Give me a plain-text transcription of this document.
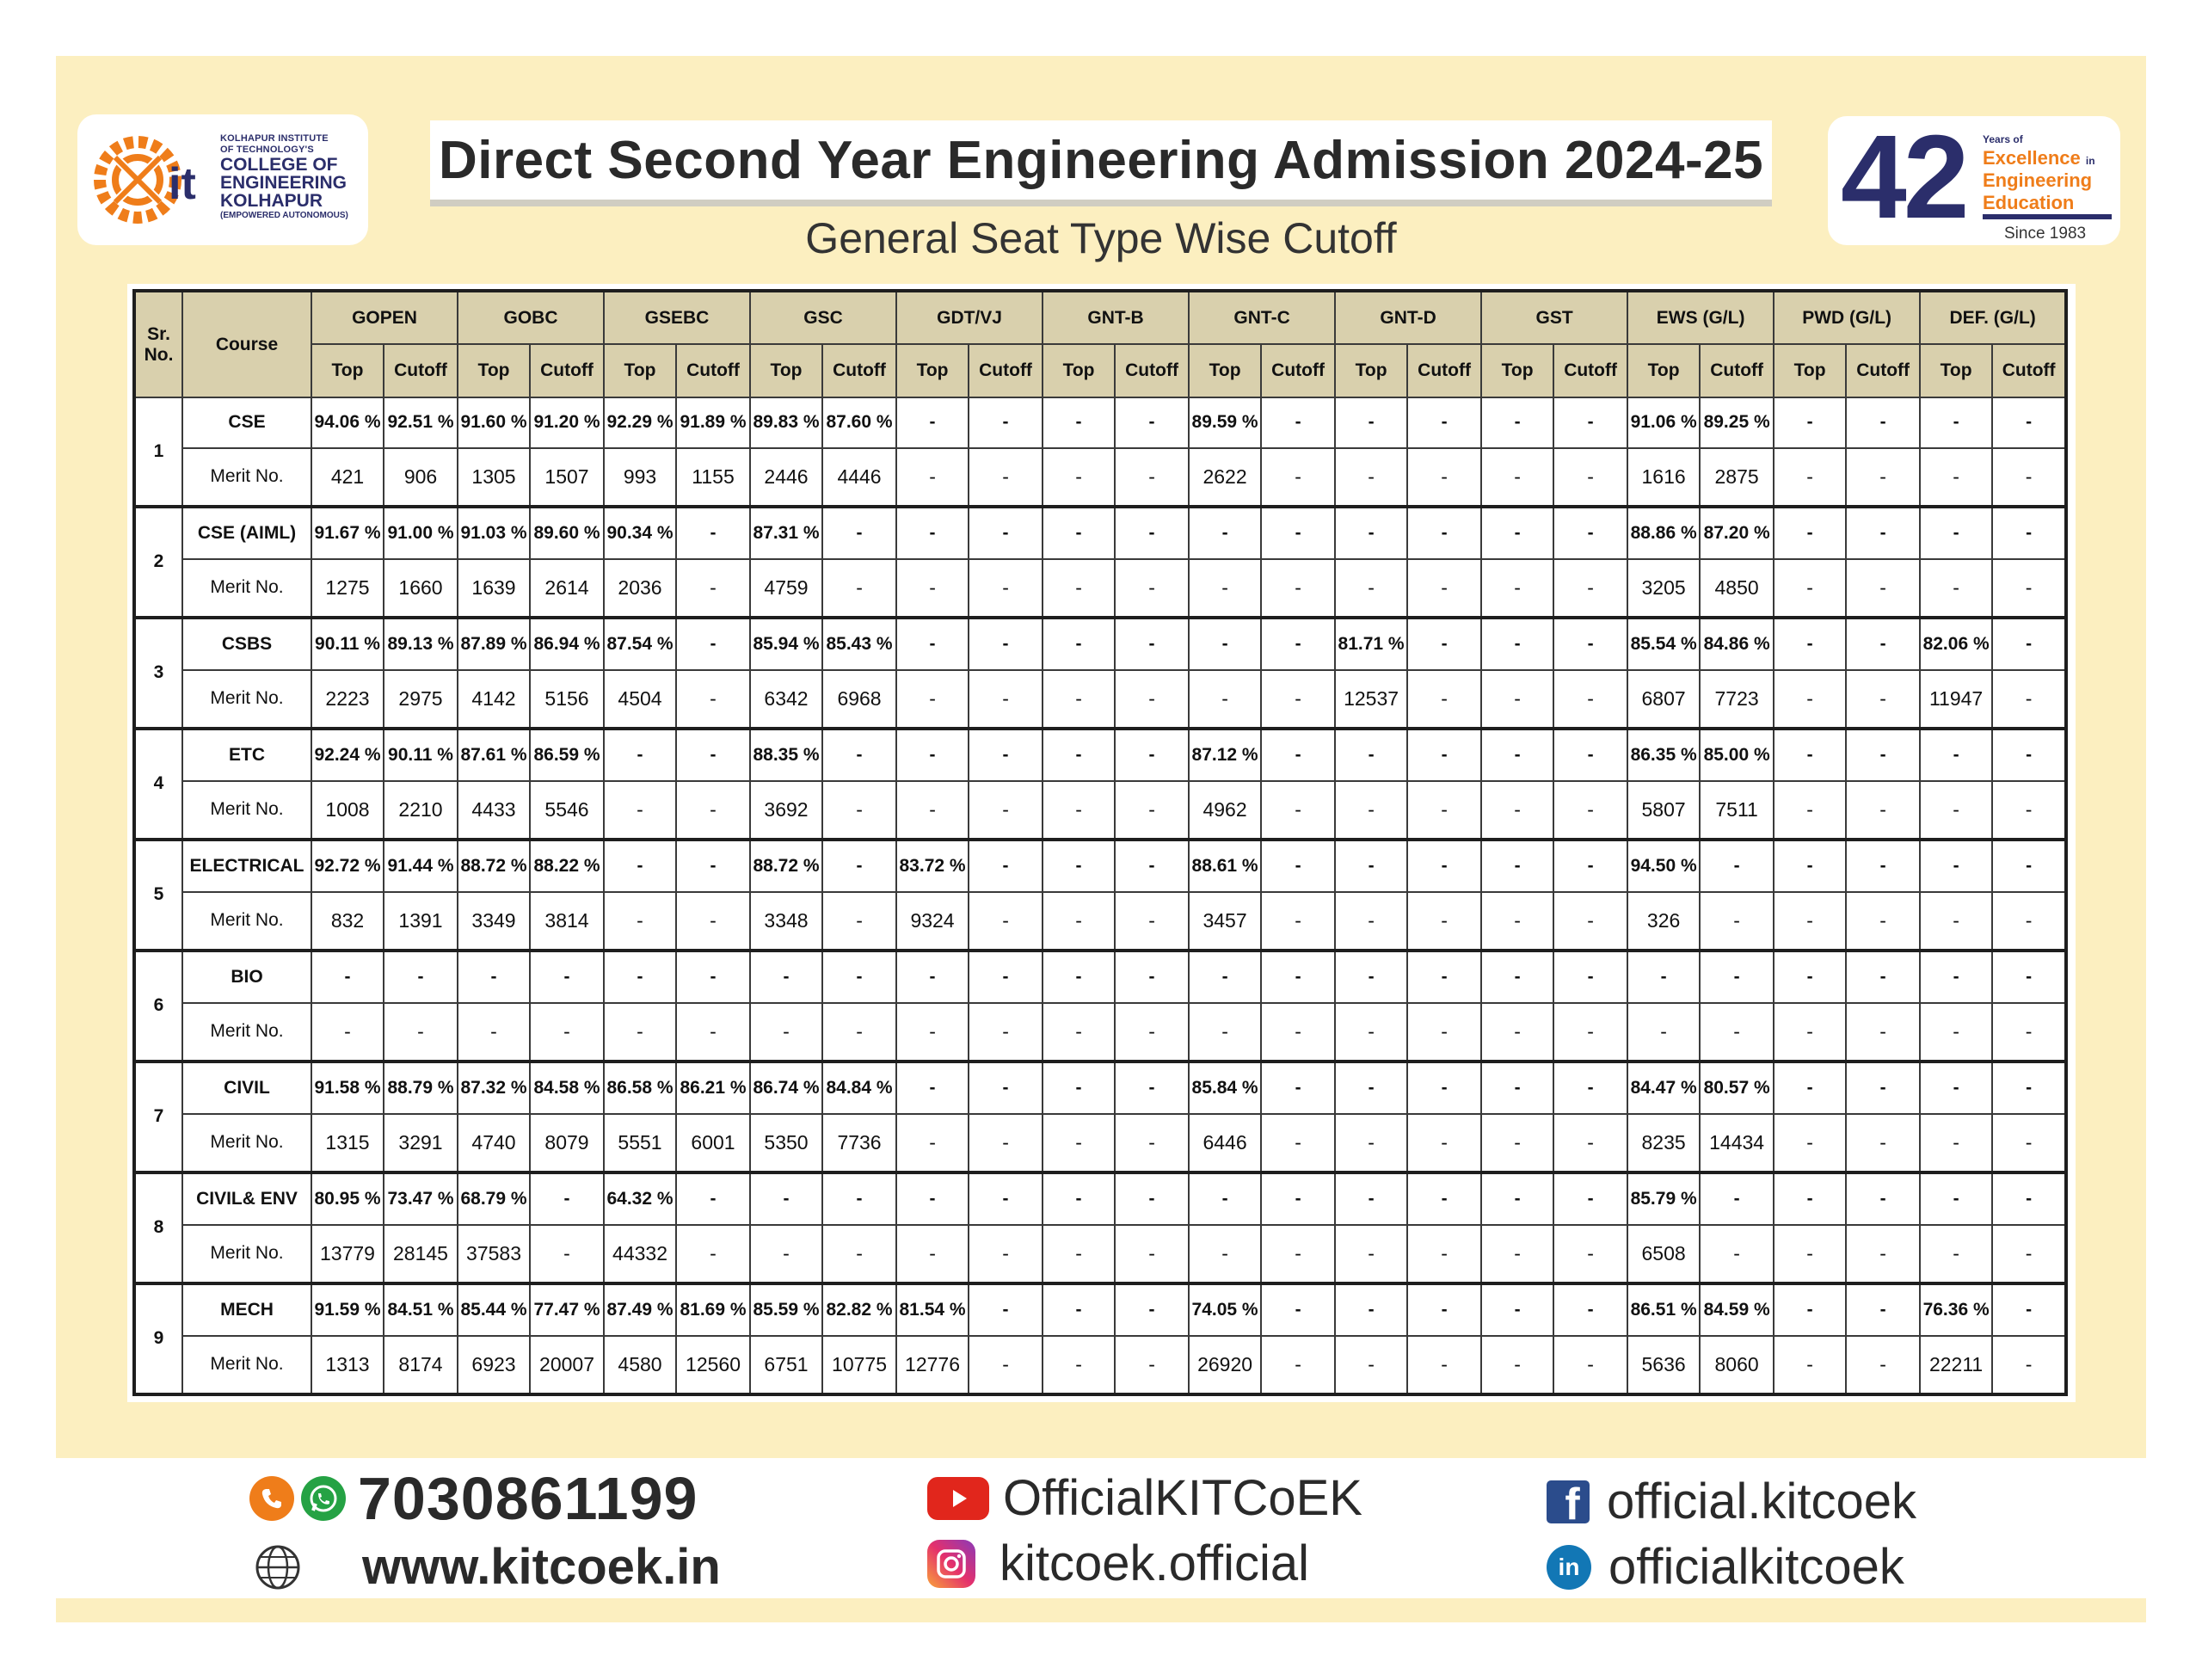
it
KOLHAPUR INSTITUTE
OF TECHNOLOGY'S
COLLEGE OF
ENGINEERING
KOLHAPUR
(EMPOWERED AUTONOMOUS)
Direct Second Year Engineering Admission 2024-25
General Seat Type Wise Cutoff	42 Years of
Excellence in
Engineering
Education
Since 1983
Sr. No.	Course	GOPEN		GOBC		GSEBC		GSC		GDT/VJ		GNT-B		GNT-C		GNT-D		GST		EWS (G/L)		PWD (G/L)		DEF. (G/L)	
		Top	Cutoff	Top	Cutoff	Top	Cutoff	Top	Cutoff	Top	Cutoff	Top	Cutoff	Top	Cutoff	Top	Cutoff	Top	Cutoff	Top	Cutoff	Top	Cutoff	Top	Cutoff
1	CSE	94.06 %	92.51 %	91.60 %	91.20 %	92.29 %	91.89 %	89.83 %	87.60 %	-	-	-	-	89.59 %	-	-	-	-	-	91.06 %	89.25 %	-	-	-	-
	Merit No.	421	906	1305	1507	993	1155	2446	4446	-	-	-	-	2622	-	-	-	-	-	1616	2875	-	-	-	-
2	CSE (AIML)	91.67 %	91.00 %	91.03 %	89.60 %	90.34 %	-	87.31 %	-	-	-	-	-	-	-	-	-	-	-	88.86 %	87.20 %	-	-	-	-
	Merit No.	1275	1660	1639	2614	2036	-	4759	-	-	-	-	-	-	-	-	-	-	-	3205	4850	-	-	-	-
3	CSBS	90.11 %	89.13 %	87.89 %	86.94 %	87.54 %	-	85.94 %	85.43 %	-	-	-	-	-	-	81.71 %	-	-	-	85.54 %	84.86 %	-	-	82.06 %	-
	Merit No.	2223	2975	4142	5156	4504	-	6342	6968	-	-	-	-	-	-	12537	-	-	-	6807	7723	-	-	11947	-
4	ETC	92.24 %	90.11 %	87.61 %	86.59 %	-	-	88.35 %	-	-	-	-	-	87.12 %	-	-	-	-	-	86.35 %	85.00 %	-	-	-	-
	Merit No.	1008	2210	4433	5546	-	-	3692	-	-	-	-	-	4962	-	-	-	-	-	5807	7511	-	-	-	-
5	ELECTRICAL	92.72 %	91.44 %	88.72 %	88.22 %	-	-	88.72 %	-	83.72 %	-	-	-	88.61 %	-	-	-	-	-	94.50 %	-	-	-	-	-
	Merit No.	832	1391	3349	3814	-	-	3348	-	9324	-	-	-	3457	-	-	-	-	-	326	-	-	-	-	-
6	BIO	-	-	-	-	-	-	-	-	-	-	-	-	-	-	-	-	-	-	-	-	-	-	-	-
	Merit No.	-	-	-	-	-	-	-	-	-	-	-	-	-	-	-	-	-	-	-	-	-	-	-	-
7	CIVIL	91.58 %	88.79 %	87.32 %	84.58 %	86.58 %	86.21 %	86.74 %	84.84 %	-	-	-	-	85.84 %	-	-	-	-	-	84.47 %	80.57 %	-	-	-	-
	Merit No.	1315	3291	4740	8079	5551	6001	5350	7736	-	-	-	-	6446	-	-	-	-	-	8235	14434	-	-	-	-
8	CIVIL& ENV	80.95 %	73.47 %	68.79 %	-	64.32 %	-	-	-	-	-	-	-	-	-	-	-	-	-	85.79 %	-	-	-	-	-
	Merit No.	13779	28145	37583	-	44332	-	-	-	-	-	-	-	-	-	-	-	-	-	6508	-	-	-	-	-
9	MECH	91.59 %	84.51 %	85.44 %	77.47 %	87.49 %	81.69 %	85.59 %	82.82 %	81.54 %	-	-	-	74.05 %	-	-	-	-	-	86.51 %	84.59 %	-	-	76.36 %	-
	Merit No.	1313	8174	6923	20007	4580	12560	6751	10775	12776	-	-	-	26920	-	-	-	-	-	5636	8060	-	-	22211	-
7030861199
www.kitcoek.in
OfficialKITCoEK
kitcoek.official
f official.kitcoek
in officialkitcoek
